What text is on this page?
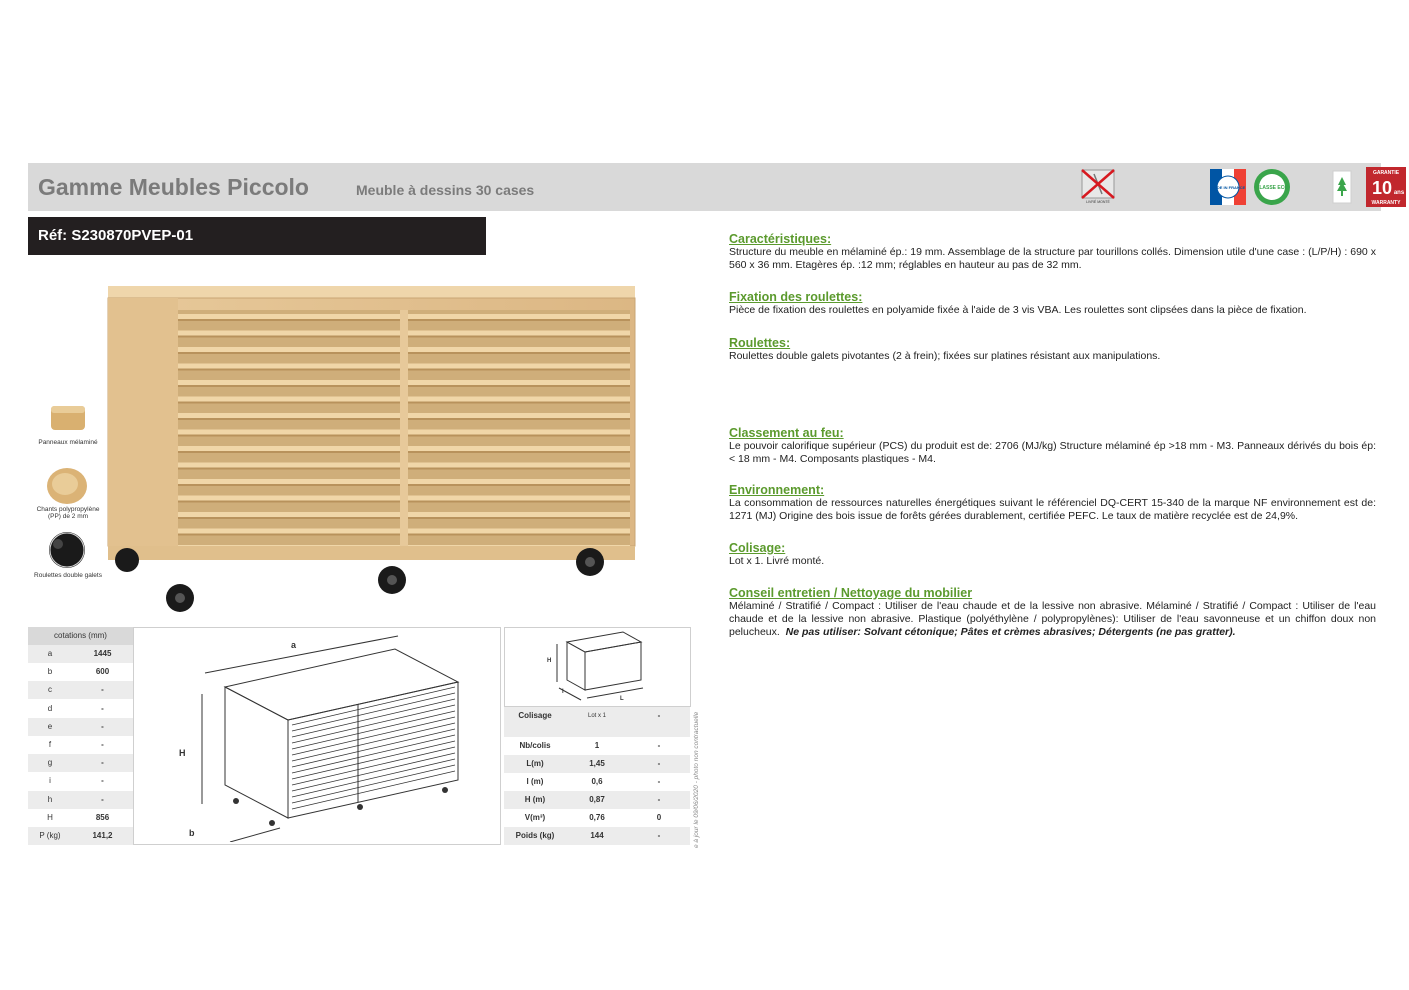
Gamme Meubles Piccolo	Meuble à dessins 30 cases
LIVRÉ MONTÉ
MADE IN FRANCE CLASSE ECO
GARANTIE
10 ans
WARRANTY
Réf: S230870PVEP-01
Panneaux mélaminé
Chants polypropylène (PP) de 2 mm
Roulettes double galets
Caractéristiques:

Structure du meuble en mélaminé ép.: 19 mm. Assemblage de la structure par tourillons collés. Dimension utile d'une case : (L/P/H) : 690 x 560 x 36 mm. Etagères ép. :12 mm; réglables en hauteur au pas de 32 mm.

Fixation des roulettes:

Pièce de fixation des roulettes en polyamide fixée à l'aide de 3 vis VBA. Les roulettes sont clipsées dans la pièce de fixation.

Roulettes:

Roulettes double galets pivotantes (2 à frein); fixées sur platines résistant aux manipulations.

Classement au feu:

Le pouvoir calorifique supérieur (PCS) du produit est de: 2706 (MJ/kg) Structure mélaminé ép >18 mm - M3. Panneaux dérivés du bois ép:< 18 mm - M4. Composants plastiques - M4.

Environnement:

La consommation de ressources naturelles énergétiques suivant le référenciel DQ-CERT 15-340 de la marque NF environnement est de: 1271 (MJ) Origine des bois issue de forêts gérées durablement, certifiée PEFC. Le taux de matière recyclée est de 24,9%.

Colisage:

Lot x 1. Livré monté.

Conseil entretien / Nettoyage du mobilier

Mélaminé / Stratifié / Compact : Utiliser de l'eau chaude et de la lessive non abrasive. Mélaminé / Stratifié / Compact : Utiliser de l'eau chaude et de la lessive non abrasive. Plastique (polyéthylène / polypropylènes): Utiliser de l'eau savonneuse et un chiffon doux non pelucheux. Ne pas utiliser: Solvant cétonique; Pâtes et crèmes abrasives; Détergents (ne pas gratter).

cotations (mm)
a	1445
b	600
c	-
d	-
e	-
f	-
g	-
i	-
h	-
H	856
P (kg)	141,2
a
H
b
H
l
L
Colisage	Lot x 1	-
Nb/colis	1	-
L(m)	1,45	-
l (m)	0,6	-
H (m)	0,87	-
V(m³)	0,76	0
Poids (kg)	144	-	e à jour le 09/06/2020 - photo non contractuelle
